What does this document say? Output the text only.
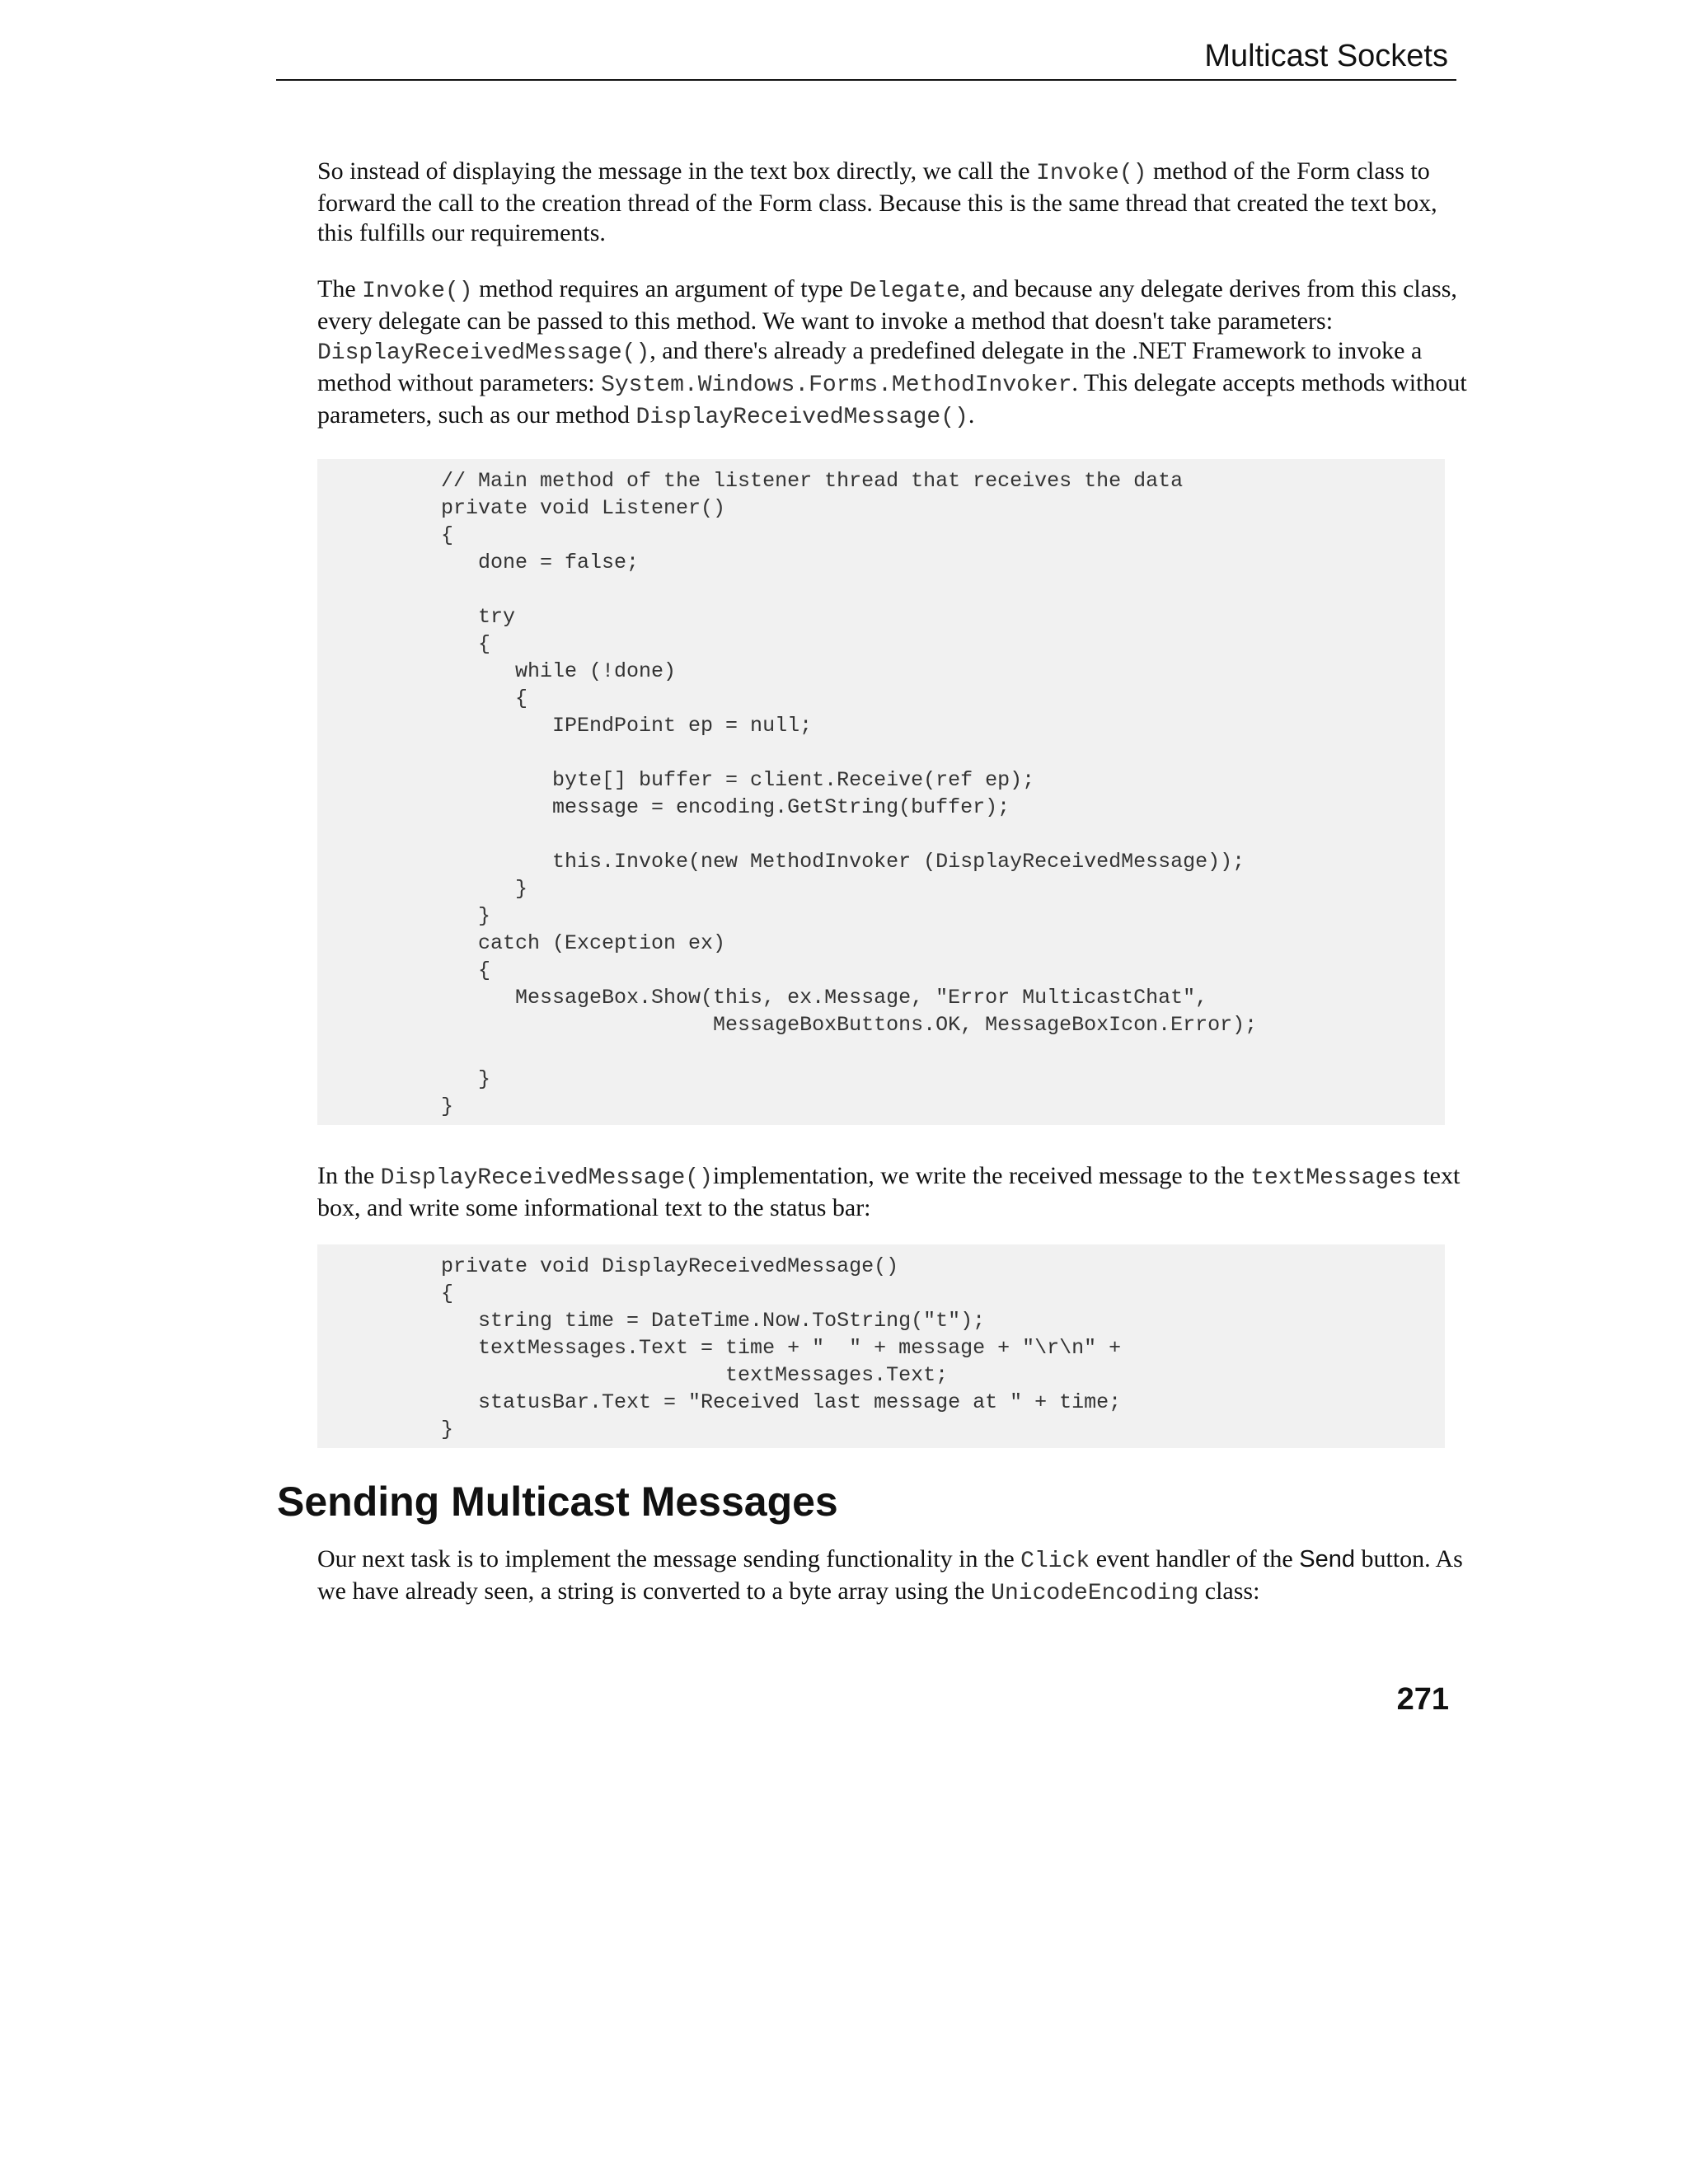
Multicast Sockets

So instead of displaying the message in the text box directly, we call the Invoke() method of the Form class to forward the call to the creation thread of the Form class. Because this is the same thread that created the text box, this fulfills our requirements.

The Invoke() method requires an argument of type Delegate, and because any delegate derives from this class, every delegate can be passed to this method. We want to invoke a method that doesn't take parameters: DisplayReceivedMessage(), and there's already a predefined delegate in the .NET Framework to invoke a method without parameters: System.Windows.Forms.MethodInvoker. This delegate accepts methods without parameters, such as our method DisplayReceivedMessage().

// Main method of the listener thread that receives the data
private void Listener()
{
done = false;
try
{
while (!done)
{
IPEndPoint ep = null;
byte[] buffer = client.Receive(ref ep);
message = encoding.GetString(buffer);
this.Invoke(new MethodInvoker (DisplayReceivedMessage));
}
}
catch (Exception ex)
{
MessageBox.Show(this, ex.Message, "Error MulticastChat",
MessageBoxButtons.OK, MessageBoxIcon.Error);
}
}

In the DisplayReceivedMessage()implementation, we write the received message to the textMessages text box, and write some informational text to the status bar:

private void DisplayReceivedMessage()
{
string time = DateTime.Now.ToString("t");
textMessages.Text = time + "  " + message + "\r\n" +
textMessages.Text;
statusBar.Text = "Received last message at " + time;
}
Sending Multicast Messages

Our next task is to implement the message sending functionality in the Click event handler of the Send button. As we have already seen, a string is converted to a byte array using the UnicodeEncoding class:

271
